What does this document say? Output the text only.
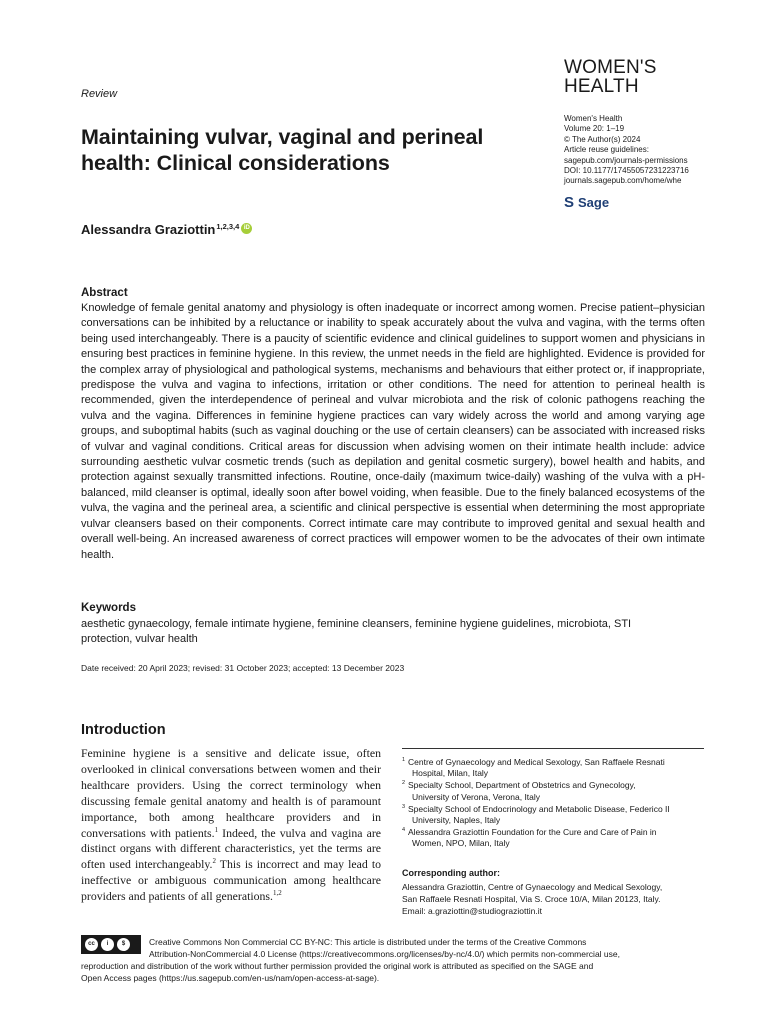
Review
WOMEN'S
HEALTH
Women's Health
Volume 20: 1–19
© The Author(s) 2024
Article reuse guidelines:
sagepub.com/journals-permissions
DOI: 10.1177/17455057231223716
journals.sagepub.com/home/whe
S Sage
Maintaining vulvar, vaginal and perineal health: Clinical considerations
Alessandra Graziottin$^{1,2,3,4}$ iD
Abstract
Knowledge of female genital anatomy and physiology is often inadequate or incorrect among women. Precise patient–physician conversations can be inhibited by a reluctance or inability to speak accurately about the vulva and vagina, with the terms often being used interchangeably. There is a paucity of scientific evidence and clinical guidelines to support women and physicians in ensuring best practices in feminine hygiene. In this review, the unmet needs in the field are highlighted. Evidence is provided for the complex array of physiological and pathological systems, mechanisms and behaviours that either protect or, if inappropriate, predispose the vulva and vagina to infections, irritation or other conditions. The need for attention to perineal health is recommended, given the interdependence of perineal and vulvar microbiota and the risk of colonic pathogens reaching the vulva and the vagina. Differences in feminine hygiene practices can vary widely across the world and among varying age groups, and suboptimal habits (such as vaginal douching or the use of certain cleansers) can be associated with increased risks of vulvar and vaginal conditions. Critical areas for discussion when advising women on their intimate health include: advice surrounding aesthetic vulvar cosmetic trends (such as depilation and genital cosmetic surgery), bowel health and habits, and protection against sexually transmitted infections. Routine, once-daily (maximum twice-daily) washing of the vulva with a pH-balanced, mild cleanser is optimal, ideally soon after bowel voiding, when feasible. Due to the finely balanced ecosystems of the vulva, the vagina and the perineal area, a scientific and clinical perspective is essential when determining the most appropriate vulvar cleansers based on their components. Correct intimate care may contribute to improved genital and sexual health and overall well-being. An increased awareness of correct practices will empower women to be the advocates of their own intimate health.
Keywords
aesthetic gynaecology, female intimate hygiene, feminine cleansers, feminine hygiene guidelines, microbiota, STI protection, vulvar health
Date received: 20 April 2023; revised: 31 October 2023; accepted: 13 December 2023
Introduction
Feminine hygiene is a sensitive and delicate issue, often overlooked in clinical conversations between women and their healthcare providers. Using the correct terminology when discussing female genital anatomy and health is of paramount importance, both among healthcare providers and in conversations with patients.$^1$ Indeed, the vulva and vagina are distinct organs with different characteristics, yet the terms are often used interchangeably.$^2$ This is incorrect and may lead to ineffective or ambiguous communication among healthcare providers and patients of all generations.$^{1,2}$
1 Centre of Gynaecology and Medical Sexology, San Raffaele Resnati
Hospital, Milan, Italy
2 Specialty School, Department of Obstetrics and Gynecology,
University of Verona, Verona, Italy
3 Specialty School of Endocrinology and Metabolic Disease, Federico II
University, Naples, Italy
4 Alessandra Graziottin Foundation for the Cure and Care of Pain in
Women, NPO, Milan, Italy
Corresponding author:
Alessandra Graziottin, Centre of Gynaecology and Medical Sexology,
San Raffaele Resnati Hospital, Via S. Croce 10/A, Milan 20123, Italy.
Email: a.graziottin@studiograziottin.it
cc	i	$	Creative Commons Non Commercial CC BY-NC: This article is distributed under the terms of the Creative Commons
Attribution-NonCommercial 4.0 License (https://creativecommons.org/licenses/by-nc/4.0/) which permits non-commercial use,
reproduction and distribution of the work without further permission provided the original work is attributed as specified on the SAGE and
Open Access pages (https://us.sagepub.com/en-us/nam/open-access-at-sage).
